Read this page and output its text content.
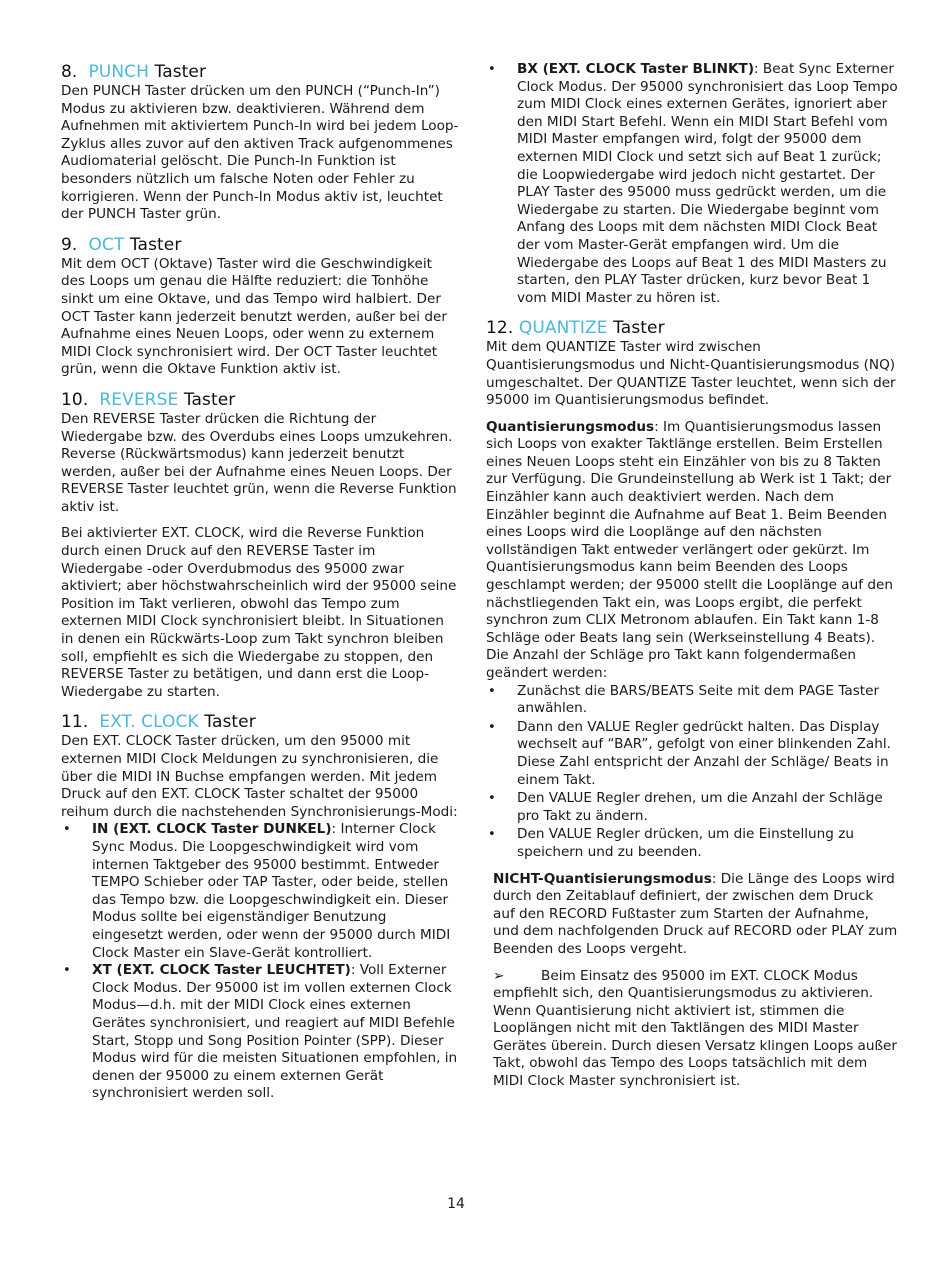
8. PUNCH Taster

Den PUNCH Taster drücken um den PUNCH (“Punch-In”) Modus zu aktivieren bzw. deaktivieren. Während dem Aufnehmen mit aktiviertem Punch-In wird bei jedem Loop-Zyklus alles zuvor auf den aktiven Track aufgenommenes Audiomaterial gelöscht. Die Punch-In Funktion ist besonders nützlich um falsche Noten oder Fehler zu korrigieren. Wenn der Punch-In Modus aktiv ist, leuchtet der PUNCH Taster grün.

9. OCT Taster

Mit dem OCT (Oktave) Taster wird die Geschwindigkeit des Loops um genau die Hälfte reduziert: die Tonhöhe sinkt um eine Oktave, und das Tempo wird halbiert. Der OCT Taster kann jederzeit benutzt werden, außer bei der Aufnahme eines Neuen Loops, oder wenn zu externem MIDI Clock synchronisiert wird. Der OCT Taster leuchtet grün, wenn die Oktave Funktion aktiv ist.

10. REVERSE Taster

Den REVERSE Taster drücken die Richtung der Wiedergabe bzw. des Overdubs eines Loops umzukehren. Reverse (Rückwärtsmodus) kann jederzeit benutzt werden, außer bei der Aufnahme eines Neuen Loops. Der REVERSE Taster leuchtet grün, wenn die Reverse Funktion aktiv ist.

Bei aktivierter EXT. CLOCK, wird die Reverse Funktion durch einen Druck auf den REVERSE Taster im Wiedergabe -oder Overdubmodus des 95000 zwar aktiviert; aber höchstwahrscheinlich wird der 95000 seine Position im Takt verlieren, obwohl das Tempo zum externen MIDI Clock synchronisiert bleibt. In Situationen in denen ein Rückwärts-Loop zum Takt synchron bleiben soll, empfiehlt es sich die Wiedergabe zu stoppen, den REVERSE Taster zu betätigen, und dann erst die Loop-Wiedergabe zu starten.

11. EXT. CLOCK Taster

Den EXT. CLOCK Taster drücken, um den 95000 mit externen MIDI Clock Meldungen zu synchronisieren, die über die MIDI IN Buchse empfangen werden. Mit jedem Druck auf den EXT. CLOCK Taster schaltet der 95000 reihum durch die nachstehenden Synchronisierungs-Modi:

• IN (EXT. CLOCK Taster DUNKEL): Interner Clock Sync Modus. Die Loopgeschwindigkeit wird vom internen Taktgeber des 95000 bestimmt. Entweder TEMPO Schieber oder TAP Taster, oder beide, stellen das Tempo bzw. die Loopgeschwindigkeit ein. Dieser Modus sollte bei eigenständiger Benutzung eingesetzt werden, oder wenn der 95000 durch MIDI Clock Master ein Slave-Gerät kontrolliert.
• XT (EXT. CLOCK Taster LEUCHTET): Voll Externer Clock Modus. Der 95000 ist im vollen externen Clock Modus—d.h. mit der MIDI Clock eines externen Gerätes synchronisiert, und reagiert auf MIDI Befehle Start, Stopp und Song Position Pointer (SPP). Dieser Modus wird für die meisten Situationen empfohlen, in denen der 95000 zu einem externen Gerät synchronisiert werden soll.
• BX (EXT. CLOCK Taster BLINKT): Beat Sync Externer Clock Modus. Der 95000 synchronisiert das Loop Tempo zum MIDI Clock eines externen Gerätes, ignoriert aber den MIDI Start Befehl. Wenn ein MIDI Start Befehl vom MIDI Master empfangen wird, folgt der 95000 dem externen MIDI Clock und setzt sich auf Beat 1 zurück; die Loopwiedergabe wird jedoch nicht gestartet. Der PLAY Taster des 95000 muss gedrückt werden, um die Wiedergabe zu starten. Die Wiedergabe beginnt vom Anfang des Loops mit dem nächsten MIDI Clock Beat der vom Master-Gerät empfangen wird. Um die Wiedergabe des Loops auf Beat 1 des MIDI Masters zu starten, den PLAY Taster drücken, kurz bevor Beat 1 vom MIDI Master zu hören ist.
12. QUANTIZE Taster

Mit dem QUANTIZE Taster wird zwischen Quantisierungsmodus und Nicht-Quantisierungsmodus (NQ) umgeschaltet. Der QUANTIZE Taster leuchtet, wenn sich der 95000 im Quantisierungsmodus befindet.

Quantisierungsmodus: Im Quantisierungsmodus lassen sich Loops von exakter Taktlänge erstellen. Beim Erstellen eines Neuen Loops steht ein Einzähler von bis zu 8 Takten zur Verfügung. Die Grundeinstellung ab Werk ist 1 Takt; der Einzähler kann auch deaktiviert werden. Nach dem Einzähler beginnt die Aufnahme auf Beat 1. Beim Beenden eines Loops wird die Looplänge auf den nächsten vollständigen Takt entweder verlängert oder gekürzt. Im Quantisierungsmodus kann beim Beenden des Loops geschlampt werden; der 95000 stellt die Looplänge auf den nächstliegenden Takt ein, was Loops ergibt, die perfekt synchron zum CLIX Metronom ablaufen. Ein Takt kann 1-8 Schläge oder Beats lang sein (Werkseinstellung 4 Beats). Die Anzahl der Schläge pro Takt kann folgendermaßen geändert werden:

• Zunächst die BARS/BEATS Seite mit dem PAGE Taster anwählen.
• Dann den VALUE Regler gedrückt halten. Das Display wechselt auf “BAR”, gefolgt von einer blinkenden Zahl. Diese Zahl entspricht der Anzahl der Schläge/ Beats in einem Takt.
• Den VALUE Regler drehen, um die Anzahl der Schläge pro Takt zu ändern.
• Den VALUE Regler drücken, um die Einstellung zu speichern und zu beenden.

NICHT-Quantisierungsmodus: Die Länge des Loops wird durch den Zeitablauf definiert, der zwischen dem Druck auf den RECORD Fußtaster zum Starten der Aufnahme, und dem nachfolgenden Druck auf RECORD oder PLAY zum Beenden des Loops vergeht.

➢	Beim Einsatz des 95000 im EXT. CLOCK Modus empfiehlt sich, den Quantisierungsmodus zu aktivieren. Wenn Quantisierung nicht aktiviert ist, stimmen die Looplängen nicht mit den Taktlängen des MIDI Master Gerätes überein. Durch diesen Versatz klingen Loops außer Takt, obwohl das Tempo des Loops tatsächlich mit dem MIDI Clock Master synchronisiert ist.

14
